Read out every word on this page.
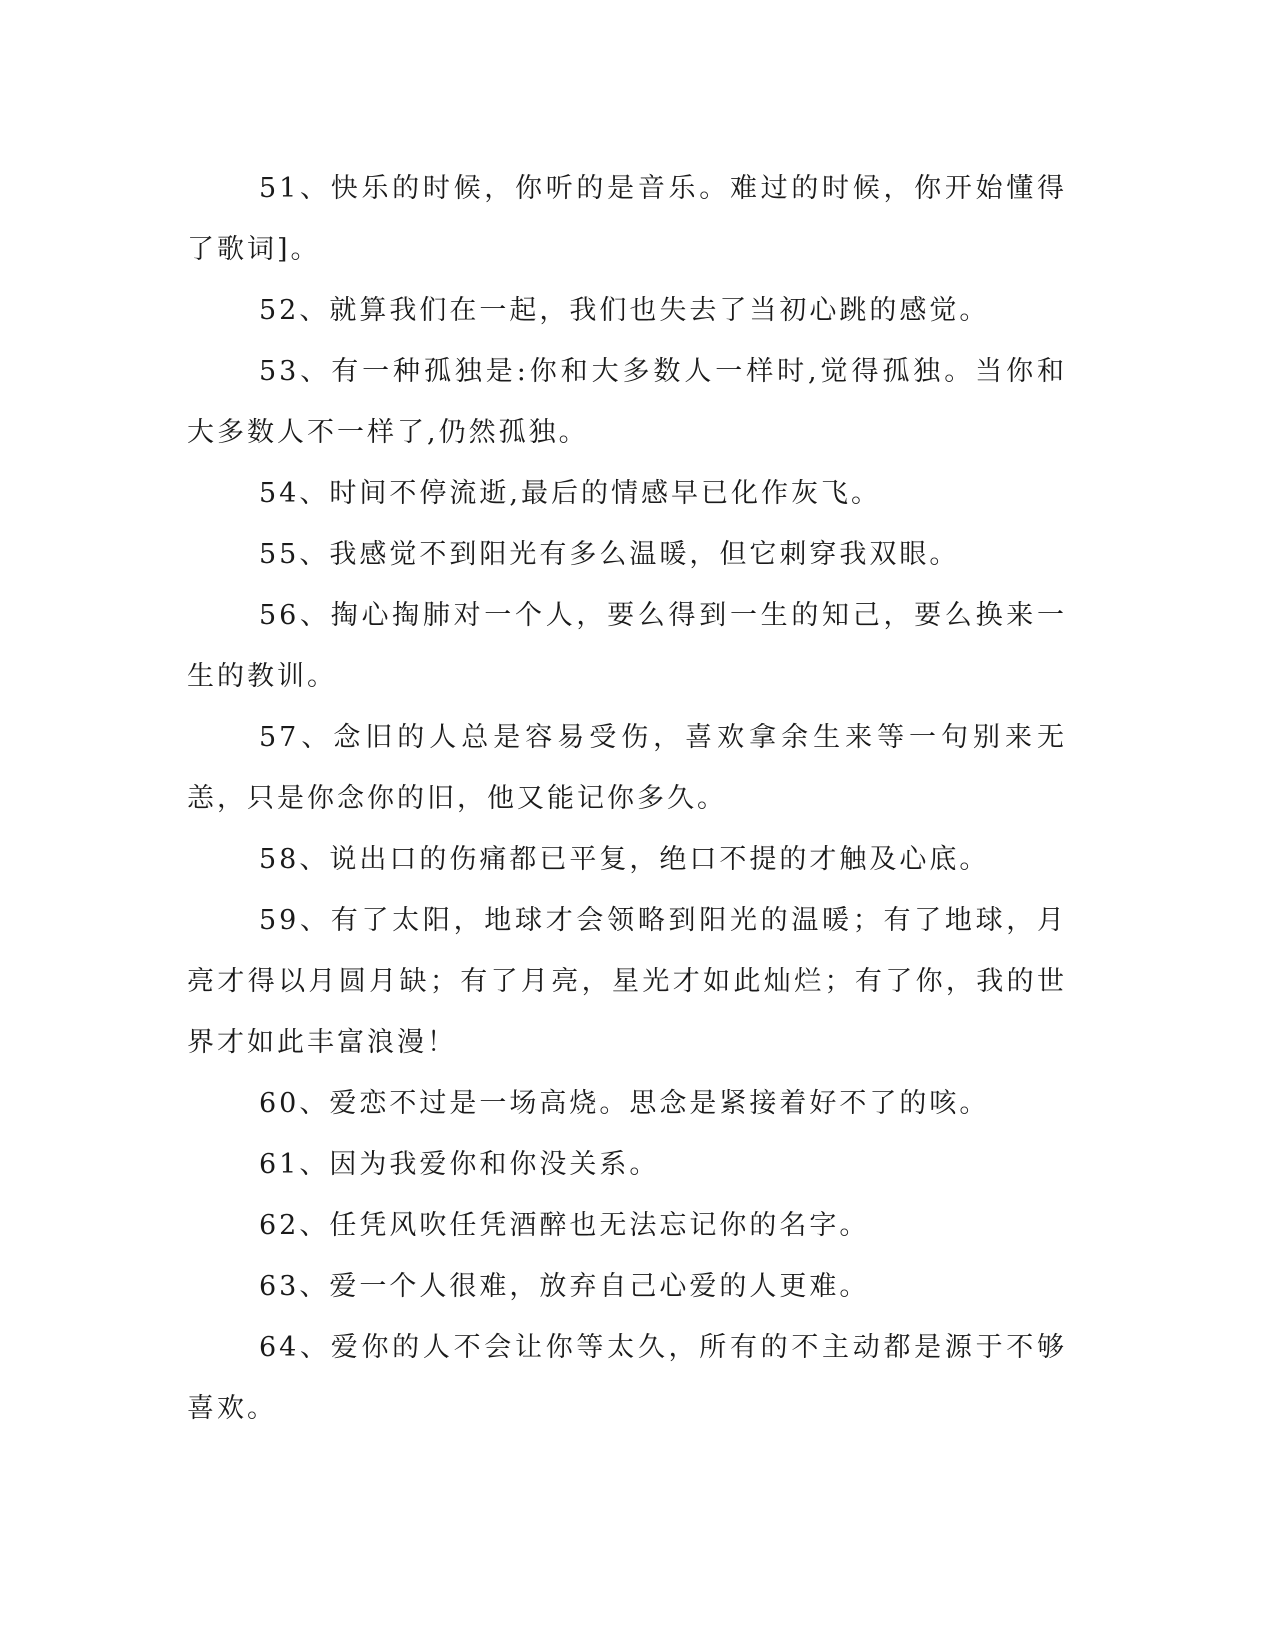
51、快乐的时候，你听的是音乐。难过的时候，你开始懂得了歌词]。

52、就算我们在一起，我们也失去了当初心跳的感觉。

53、有一种孤独是:你和大多数人一样时,觉得孤独。当你和大多数人不一样了,仍然孤独。

54、时间不停流逝,最后的情感早已化作灰飞。

55、我感觉不到阳光有多么温暖，但它刺穿我双眼。

56、掏心掏肺对一个人，要么得到一生的知己，要么换来一生的教训。

57、念旧的人总是容易受伤，喜欢拿余生来等一句别来无恙，只是你念你的旧，他又能记你多久。

58、说出口的伤痛都已平复，绝口不提的才触及心底。

59、有了太阳，地球才会领略到阳光的温暖；有了地球，月亮才得以月圆月缺；有了月亮，星光才如此灿烂；有了你，我的世界才如此丰富浪漫！

60、爱恋不过是一场高烧。思念是紧接着好不了的咳。

61、因为我爱你和你没关系。

62、任凭风吹任凭酒醉也无法忘记你的名字。

63、爱一个人很难，放弃自己心爱的人更难。

64、爱你的人不会让你等太久，所有的不主动都是源于不够喜欢。
